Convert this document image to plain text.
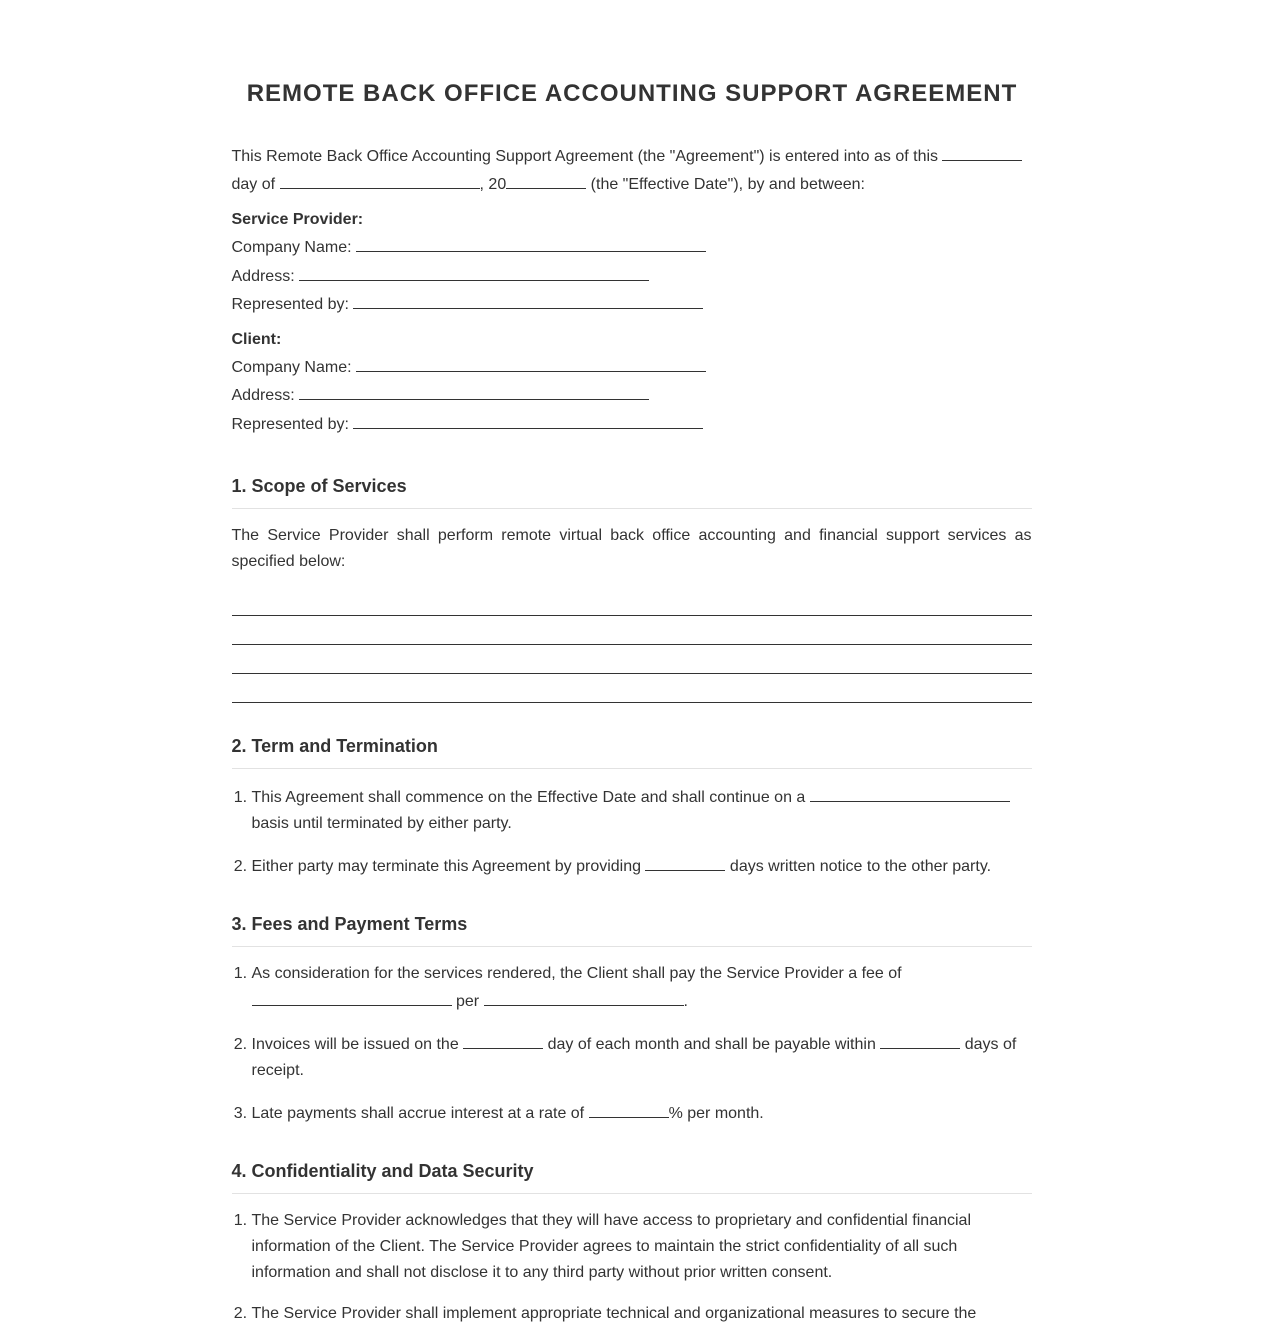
REMOTE BACK OFFICE ACCOUNTING SUPPORT AGREEMENT

This Remote Back Office Accounting Support Agreement (the "Agreement") is entered into as of this
day of	, 20	(the "Effective Date"), by and between:

Service Provider:
Company Name:
Address:
Represented by:
Client:
Company Name:
Address:
Represented by:
1. Scope of Services

The Service Provider shall perform remote virtual back office accounting and financial support services as specified below:

2. Term and Termination
1. This Agreement shall commence on the Effective Date and shall continue on a
basis until terminated by either party.
2. Either party may terminate this Agreement by providing	days written notice to the other party.
3. Fees and Payment Terms
1. As consideration for the services rendered, the Client shall pay the Service Provider a fee of
per	.
2. Invoices will be issued on the	day of each month and shall be payable within	days of receipt.
3. Late payments shall accrue interest at a rate of	% per month.
4. Confidentiality and Data Security
1. The Service Provider acknowledges that they will have access to proprietary and confidential financial information of the Client. The Service Provider agrees to maintain the strict confidentiality of all such information and shall not disclose it to any third party without prior written consent.
2. The Service Provider shall implement appropriate technical and organizational measures to secure the
